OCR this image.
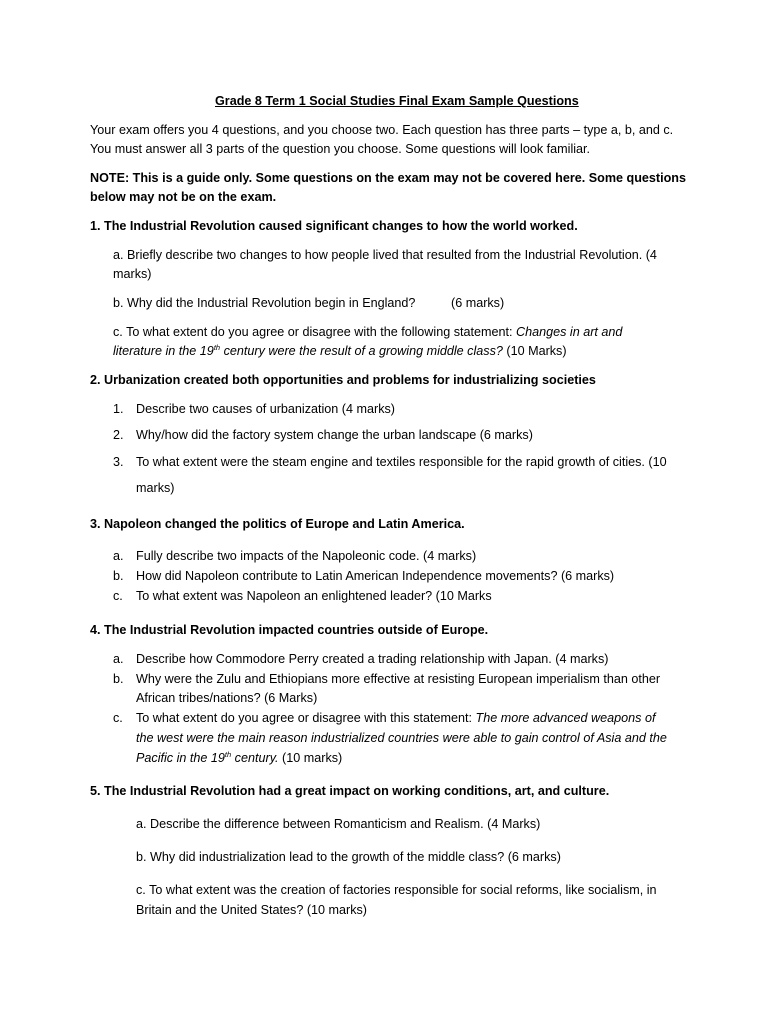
Grade 8 Term 1 Social Studies Final Exam Sample Questions
Your exam offers you 4 questions, and you choose two. Each question has three parts – type a, b, and c.
You must answer all 3 parts of the question you choose. Some questions will look familiar.
NOTE: This is a guide only. Some questions on the exam may not be covered here. Some questions
below may not be on the exam.
1. The Industrial Revolution caused significant changes to how the world worked.
a. Briefly describe two changes to how people lived that resulted from the Industrial Revolution. (4
marks)
b. Why did the Industrial Revolution begin in England?	(6 marks)
c. To what extent do you agree or disagree with the following statement: Changes in art and
literature in the 19th century were the result of a growing middle class? (10 Marks)
2. Urbanization created both opportunities and problems for industrializing societies
1. Describe two causes of urbanization (4 marks)
2. Why/how did the factory system change the urban landscape (6 marks)
3. To what extent were the steam engine and textiles responsible for the rapid growth of cities. (10
marks)
3. Napoleon changed the politics of Europe and Latin America.
a. Fully describe two impacts of the Napoleonic code. (4 marks)
b. How did Napoleon contribute to Latin American Independence movements? (6 marks)
c. To what extent was Napoleon an enlightened leader? (10 Marks
4. The Industrial Revolution impacted countries outside of Europe.
a. Describe how Commodore Perry created a trading relationship with Japan. (4 marks)
b. Why were the Zulu and Ethiopians more effective at resisting European imperialism than other
African tribes/nations? (6 Marks)
c. To what extent do you agree or disagree with this statement: The more advanced weapons of
the west were the main reason industrialized countries were able to gain control of Asia and the
Pacific in the 19th century. (10 marks)
5. The Industrial Revolution had a great impact on working conditions, art, and culture.
a. Describe the difference between Romanticism and Realism. (4 Marks)
b. Why did industrialization lead to the growth of the middle class? (6 marks)
c. To what extent was the creation of factories responsible for social reforms, like socialism, in
Britain and the United States? (10 marks)
